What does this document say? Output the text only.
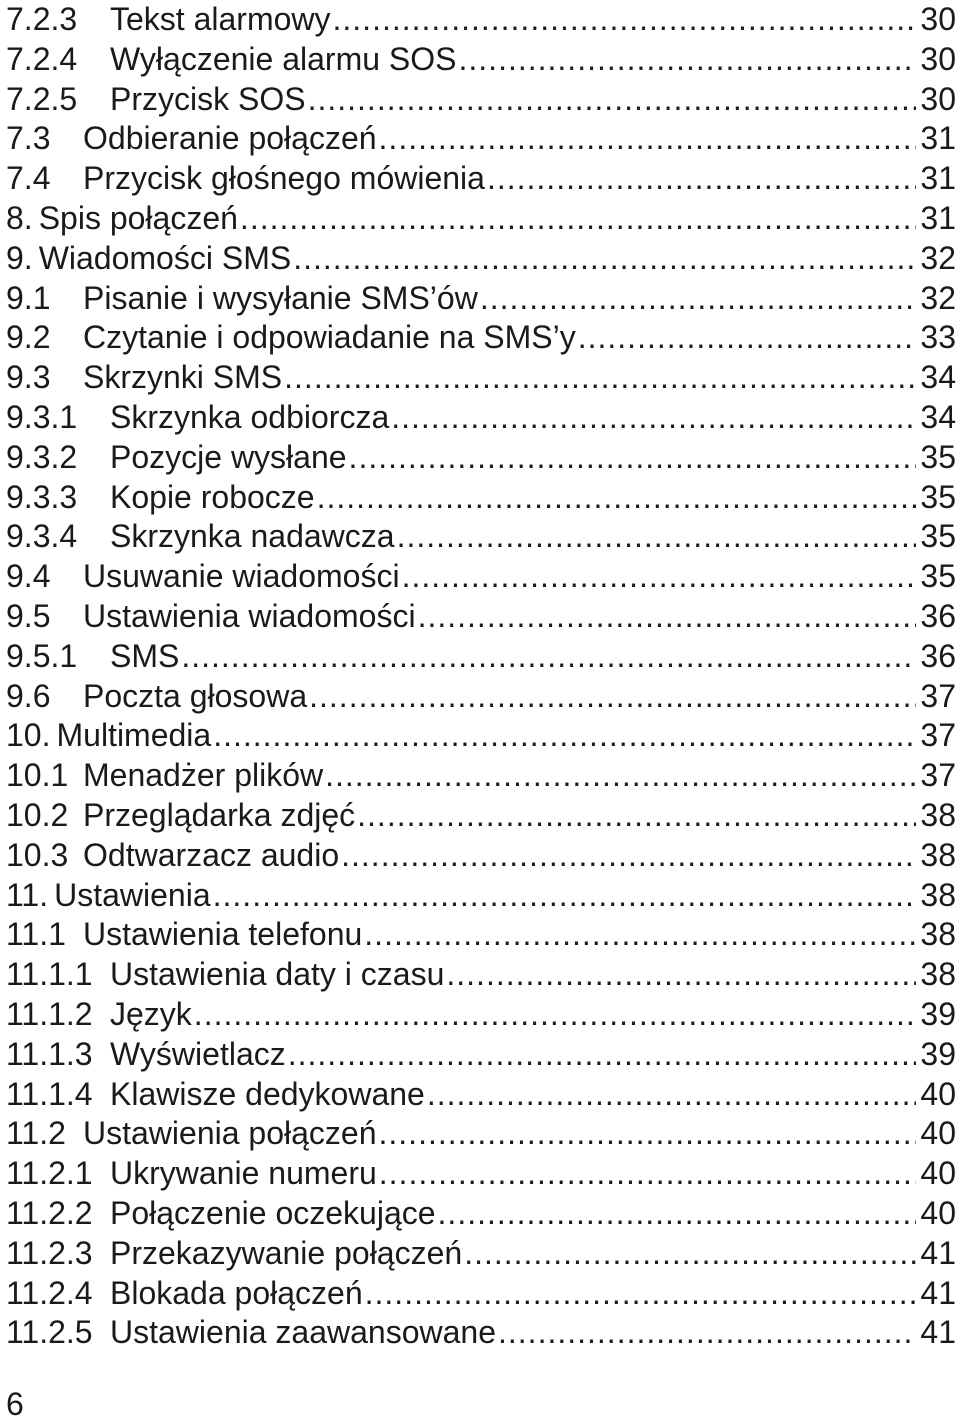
7.2.3	Tekst alarmowy .....	30
7.2.4	Wyłączenie alarmu SOS .....	30
7.2.5	Przycisk SOS .....	30
7.3	Odbieranie połączeń .....	31
7.4	Przycisk głośnego mówienia .....	31
8. Spis połączeń .....	31
9. Wiadomości SMS .....	32
9.1	Pisanie i wysyłanie SMS’ów .....	32
9.2	Czytanie i odpowiadanie na SMS’y .....	33
9.3	Skrzynki SMS .....	34
9.3.1	Skrzynka odbiorcza .....	34
9.3.2	Pozycje wysłane .....	35
9.3.3	Kopie robocze .....	35
9.3.4	Skrzynka nadawcza .....	35
9.4	Usuwanie wiadomości .....	35
9.5	Ustawienia wiadomości .....	36
9.5.1	SMS .....	36
9.6	Poczta głosowa .....	37
10. Multimedia .....	37
10.1 Menadżer plików .....	37
10.2 Przeglądarka zdjęć .....	38
10.3 Odtwarzacz audio .....	38
11. Ustawienia .....	38
11.1 Ustawienia telefonu .....	38
11.1.1 Ustawienia daty i czasu .....	38
11.1.2 Język .....	39
11.1.3 Wyświetlacz .....	39
11.1.4 Klawisze dedykowane .....	40
11.2 Ustawienia połączeń .....	40
11.2.1 Ukrywanie numeru .....	40
11.2.2 Połączenie oczekujące .....	40
11.2.3 Przekazywanie połączeń .....	41
11.2.4 Blokada połączeń .....	41
11.2.5 Ustawienia zaawansowane .....	41
6
